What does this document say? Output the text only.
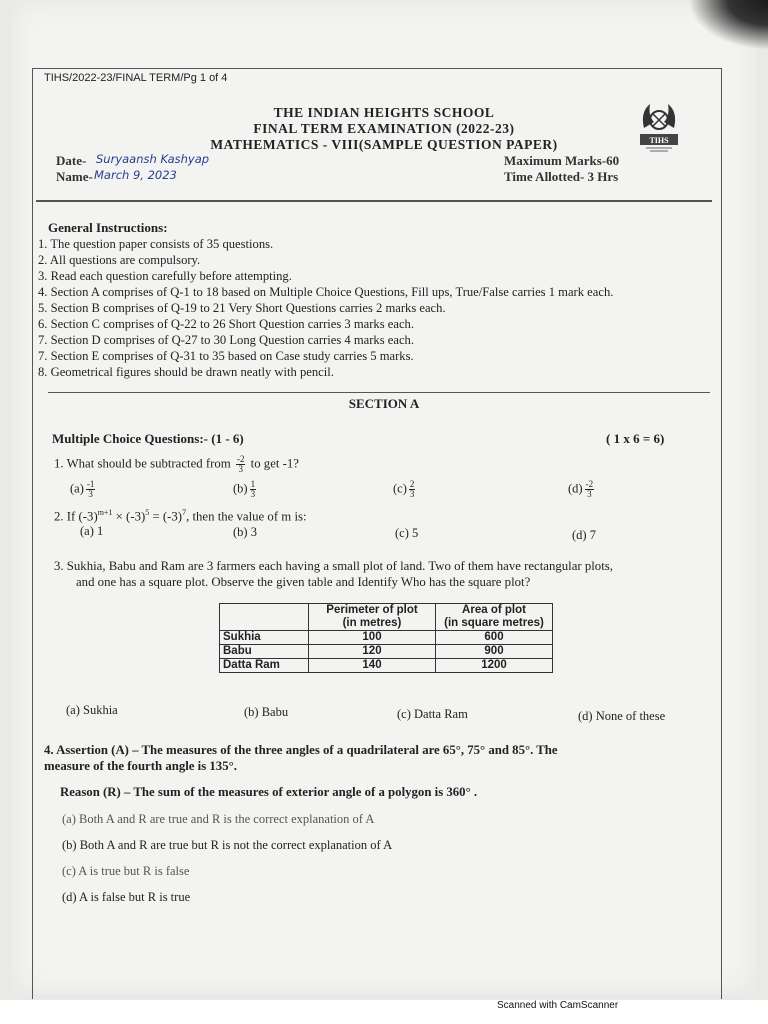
TIHS/2022-23/FINAL TERM/Pg 1 of 4
THE INDIAN HEIGHTS SCHOOL
FINAL TERM EXAMINATION (2022-23)
MATHEMATICS - VIII(SAMPLE QUESTION PAPER)	TIHS
Date- Suryaansh Kashyap
Name- March 9, 2023
Maximum Marks-60
Time Allotted- 3 Hrs
General Instructions:
1. The question paper consists of 35 questions.
2. All questions are compulsory.
3. Read each question carefully before attempting.
4. Section A comprises of Q-1 to 18 based on Multiple Choice Questions, Fill ups, True/False carries 1 mark each.
5. Section B comprises of Q-19 to 21 Very Short Questions carries 2 marks each.
6. Section C comprises of Q-22 to 26 Short Question carries 3 marks each.
7. Section D comprises of Q-27 to 30 Long Question carries 4 marks each.
7. Section E comprises of Q-31 to 35 based on Case study carries 5 marks.
8. Geometrical figures should be drawn neatly with pencil.
SECTION A
Multiple Choice Questions:- (1 - 6)	( 1 x 6 = 6)
1. What should be subtracted from $\frac{-2}{3}$ to get -1?
$(a) \frac{-1}{3}$	$(b) \frac{1}{3}$	$(c) \frac{2}{3}$	$(d) \frac{-2}{3}$
2. If $(-3)^{m+1} \times (-3)^5 = (-3)^7$, then the value of m is:
(a) 1	(b) 3	(c) 5	(d) 7
3. Sukhia, Babu and Ram are 3 farmers each having a small plot of land. Two of them have rectangular plots,
and one has a square plot. Observe the given table and Identify Who has the square plot?
	Perimeter of plot
(in metres)	Area of plot
(in square metres)
Sukhia	100	600
Babu	120	900
Datta Ram	140	1200
(a) Sukhia	(b) Babu	(c) Datta Ram	(d) None of these
4. Assertion (A) – The measures of the three angles of a quadrilateral are 65°, 75° and 85°. The
measure of the fourth angle is 135°.
Reason (R) – The sum of the measures of exterior angle of a polygon is 360° .
(a) Both A and R are true and R is the correct explanation of A
(b) Both A and R are true but R is not the correct explanation of A
(c) A is true but R is false
(d) A is false but R is true
Scanned with CamScanner
